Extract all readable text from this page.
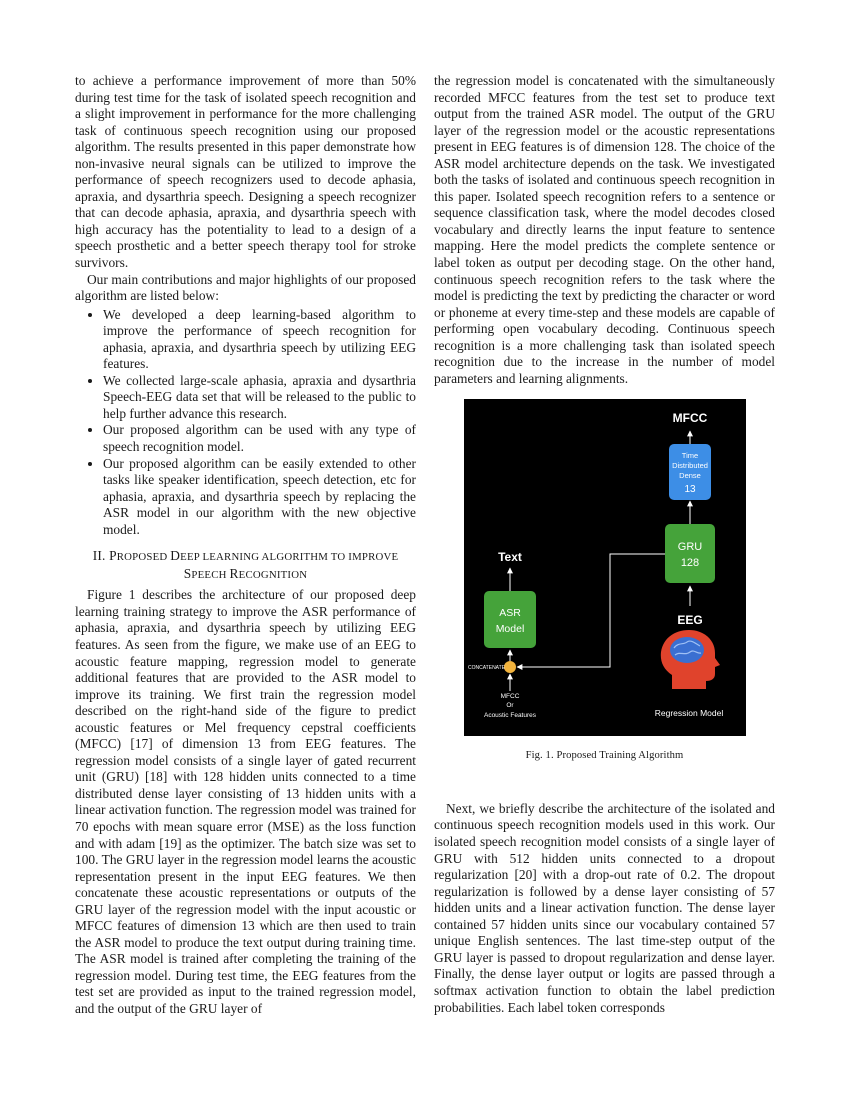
to achieve a performance improvement of more than 50% during test time for the task of isolated speech recognition and a slight improvement in performance for the more challenging task of continuous speech recognition using our proposed algorithm. The results presented in this paper demonstrate how non-invasive neural signals can be utilized to improve the performance of speech recognizers used to decode aphasia, apraxia, and dysarthria speech. Designing a speech recognizer that can decode aphasia, apraxia, and dysarthria speech with high accuracy has the potentiality to lead to a design of a speech prosthetic and a better speech therapy tool for stroke survivors.

Our main contributions and major highlights of our proposed algorithm are listed below:

• We developed a deep learning-based algorithm to improve the performance of speech recognition for aphasia, apraxia, and dysarthria speech by utilizing EEG features.
• We collected large-scale aphasia, apraxia and dysarthria Speech-EEG data set that will be released to the public to help further advance this research.
• Our proposed algorithm can be used with any type of speech recognition model.
• Our proposed algorithm can be easily extended to other tasks like speaker identification, speech detection, etc for aphasia, apraxia, and dysarthria speech by replacing the ASR model in our algorithm with the new objective model.
II. PROPOSED DEEP LEARNING ALGORITHM TO IMPROVE
SPEECH RECOGNITION

Figure 1 describes the architecture of our proposed deep learning training strategy to improve the ASR performance of aphasia, apraxia, and dysarthria speech by utilizing EEG features. As seen from the figure, we make use of an EEG to acoustic feature mapping, regression model to generate additional features that are provided to the ASR model to improve its training. We first train the regression model described on the right-hand side of the figure to predict acoustic features or Mel frequency cepstral coefficients (MFCC) [17] of dimension 13 from EEG features. The regression model consists of a single layer of gated recurrent unit (GRU) [18] with 128 hidden units connected to a time distributed dense layer consisting of 13 hidden units with a linear activation function. The regression model was trained for 70 epochs with mean square error (MSE) as the loss function and with adam [19] as the optimizer. The batch size was set to 100. The GRU layer in the regression model learns the acoustic representation present in the input EEG features. We then concatenate these acoustic representations or outputs of the GRU layer of the regression model with the input acoustic or MFCC features of dimension 13 which are then used to train the ASR model to produce the text output during training time. The ASR model is trained after completing the training of the regression model. During test time, the EEG features from the test set are provided as input to the trained regression model, and the output of the GRU layer of

the regression model is concatenated with the simultaneously recorded MFCC features from the test set to produce text output from the trained ASR model. The output of the GRU layer of the regression model or the acoustic representations present in EEG features is of dimension 128. The choice of the ASR model architecture depends on the task. We investigated both the tasks of isolated and continuous speech recognition in this paper. Isolated speech recognition refers to a sentence or sequence classification task, where the model decodes closed vocabulary and directly learns the input feature to sentence mapping. Here the model predicts the complete sentence or label token as output per decoding stage. On the other hand, continuous speech recognition refers to the task where the model is predicting the text by predicting the character or word or phoneme at every time-step and these models are capable of performing open vocabulary decoding. Continuous speech recognition is a more challenging task than isolated speech recognition due to the increase in the number of model parameters and learning alignments.

MFCC
Time
Distributed
Dense
13
GRU
128
EEG
Regression Model
Text
ASR
Model
CONCATENATE
MFCC
Or
Acoustic Features
Fig. 1. Proposed Training Algorithm

Next, we briefly describe the architecture of the isolated and continuous speech recognition models used in this work. Our isolated speech recognition model consists of a single layer of GRU with 512 hidden units connected to a dropout regularization [20] with a drop-out rate of 0.2. The dropout regularization is followed by a dense layer consisting of 57 hidden units and a linear activation function. The dense layer contained 57 hidden units since our vocabulary contained 57 unique English sentences. The last time-step output of the GRU layer is passed to dropout regularization and dense layer. Finally, the dense layer output or logits are passed through a softmax activation function to obtain the label prediction probabilities. Each label token corresponds
